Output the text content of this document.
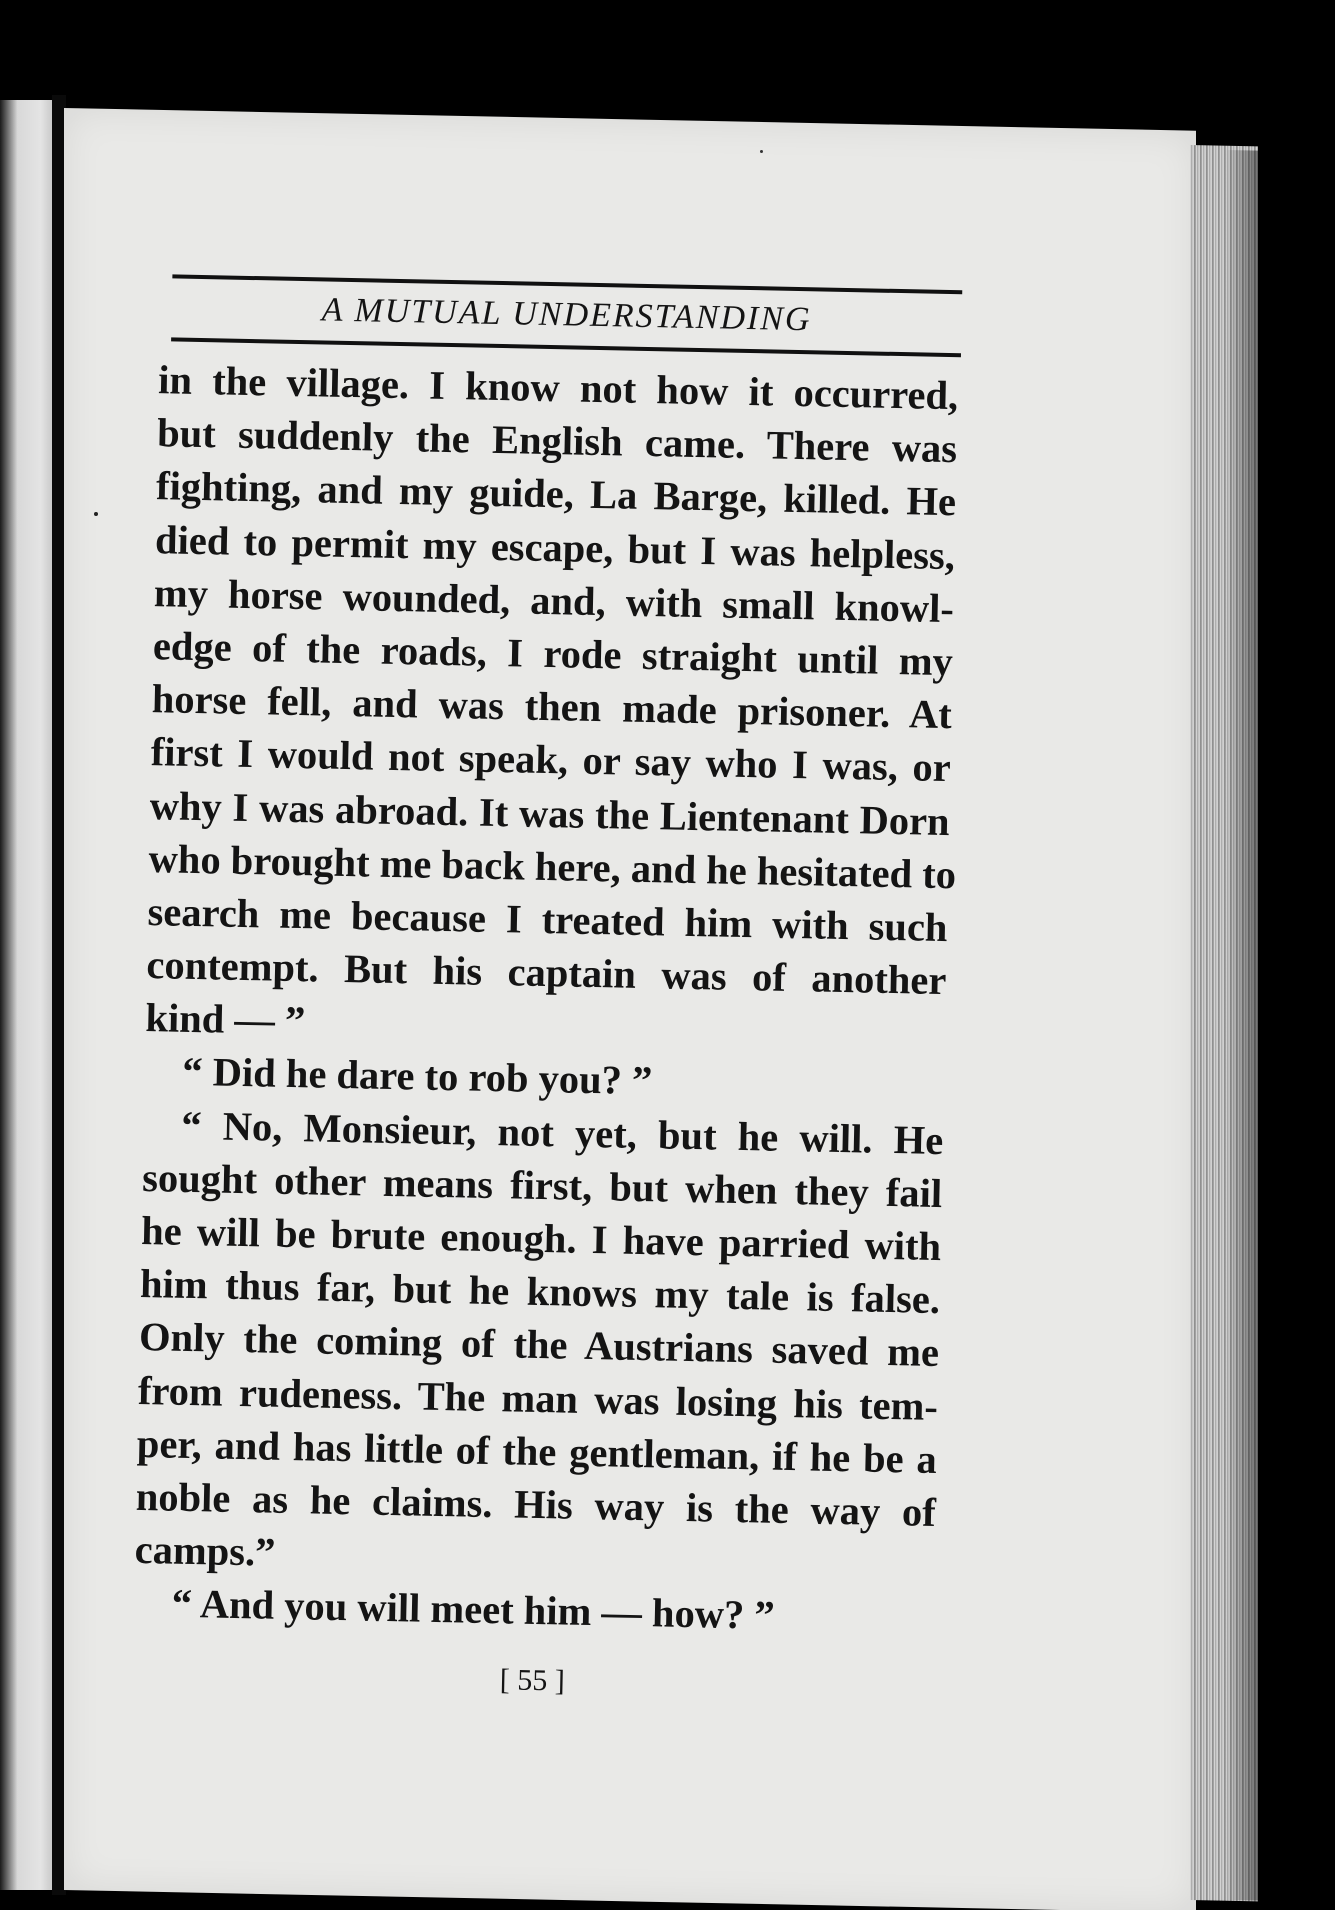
A MUTUAL UNDERSTANDING
in the village. I know not how it occurred,
but suddenly the English came. There was
fighting, and my guide, La Barge, killed. He
died to permit my escape, but I was helpless,
my horse wounded, and, with small knowl-
edge of the roads, I rode straight until my
horse fell, and was then made prisoner. At
first I would not speak, or say who I was, or
why I was abroad. It was the Lientenant Dorn
who brought me back here, and he hesitated to
search me because I treated him with such
contempt. But his captain was of another
kind — ”
“ Did he dare to rob you? ”
“ No, Monsieur, not yet, but he will. He
sought other means first, but when they fail
he will be brute enough. I have parried with
him thus far, but he knows my tale is false.
Only the coming of the Austrians saved me
from rudeness. The man was losing his tem-
per, and has little of the gentleman, if he be a
noble as he claims. His way is the way of
camps.”
“ And you will meet him — how? ”
[ 55 ]
